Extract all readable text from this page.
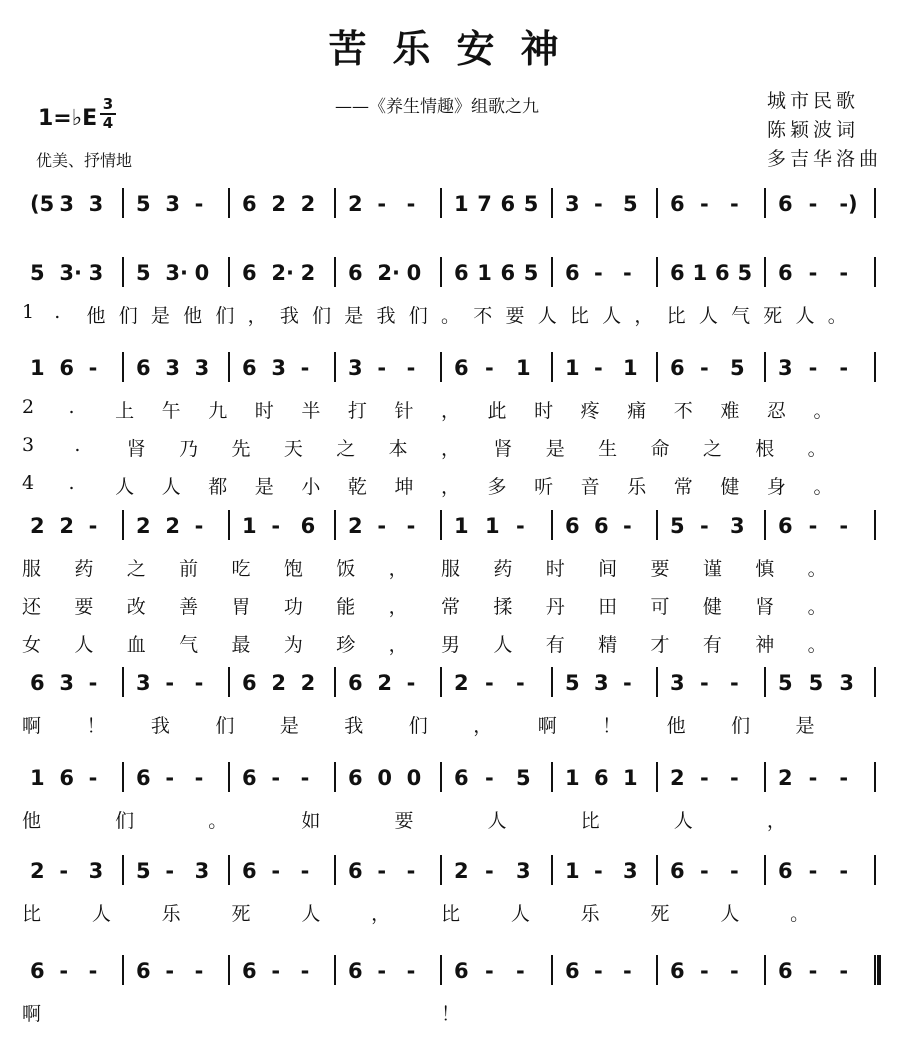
苦乐安神
——《养生情趣》组歌之九
1=♭E
3
4
优美、抒情地
城市民歌
陈颖波词
多吉华洛曲
(5 3 3 5 3 - 6 2 2 2 - - 1 7 6 5 3 - 5 6 - - 6 - -)
5 3· 3 5 3· 0 6 2· 2 6 2· 0 6 1 6 5 6 - - 6 1 6 5 6 - -
1 . 他 们 是 他 们 ， 我 们 是 我 们 。 不 要 人 比 人 ， 比 人 气 死 人 。
1 6 - 6 3 3 6 3 - 3 - - 6 - 1 1 - 1 6 - 5 3 - -
2 . 上 午 九 时 半 打 针 ， 此 时 疼 痛 不 难 忍 。
3 . 肾 乃 先 天 之 本 ， 肾 是 生 命 之 根 。
4 . 人 人 都 是 小 乾 坤 ， 多 听 音 乐 常 健 身 。
2 2 - 2 2 - 1 - 6 2 - - 1 1 - 6 6 - 5 - 3 6 - -
服 药 之 前 吃 饱 饭 ， 服 药 时 间 要 谨 慎 。
还 要 改 善 胃 功 能 ， 常 揉 丹 田 可 健 肾 。
女 人 血 气 最 为 珍 ， 男 人 有 精 才 有 神 。
6 3 - 3 - - 6 2 2 6 2 - 2 - - 5 3 - 3 - - 5 5 3
啊 ！ 我 们 是 我 们 ， 啊 ！ 他 们 是
1 6 - 6 - - 6 - - 6 0 0 6 - 5 1 6 1 2 - - 2 - -
他	们	。	如	要	人	比	人	，
2 - 3 5 - 3 6 - - 6 - - 2 - 3 1 - 3 6 - - 6 - -
比	人	乐	死	人	，	比	人	乐	死	人	。
6 - - 6 - - 6 - - 6 - - 6 - - 6 - - 6 - - 6 - -
啊	！
